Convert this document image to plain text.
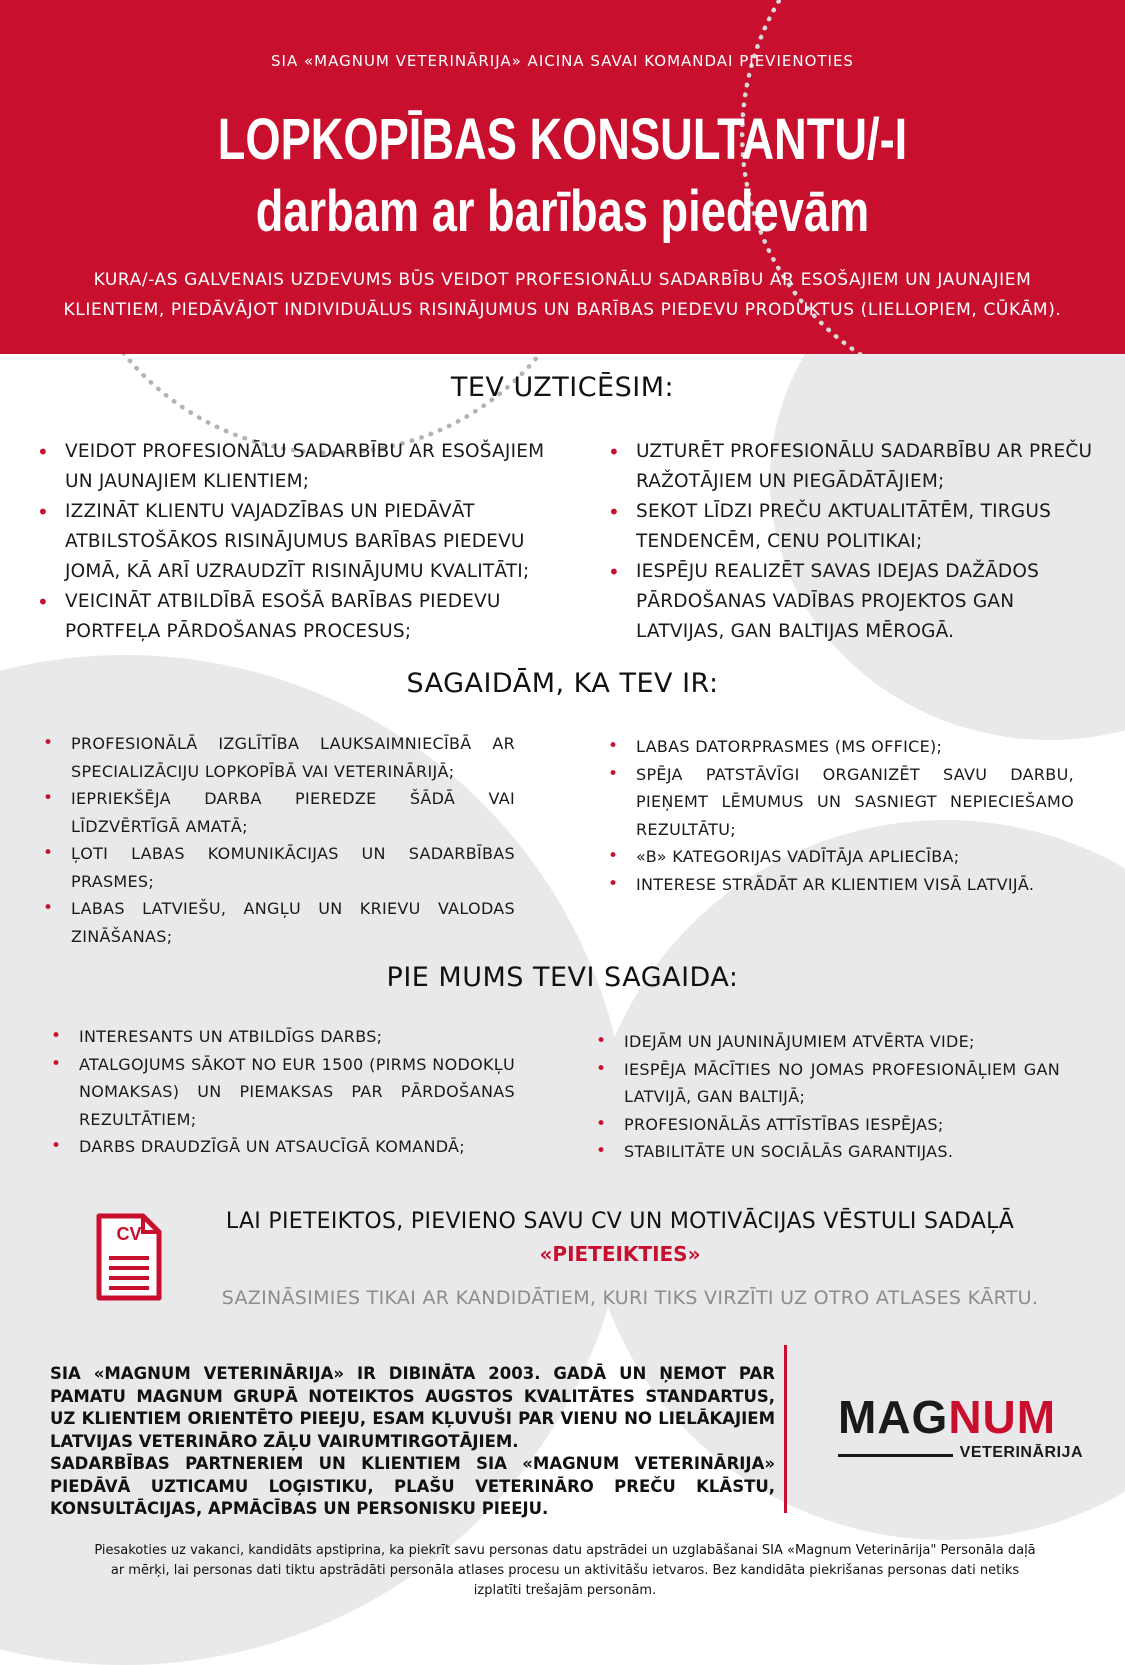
SIA «MAGNUM VETERINĀRIJA» AICINA SAVAI KOMANDAI PIEVIENOTIES
LOPKOPĪBAS KONSULTANTU/-I
darbam ar barības piedevām
KURA/-AS GALVENAIS UZDEVUMS BŪS VEIDOT PROFESIONĀLU SADARBĪBU AR ESOŠAJIEM UN JAUNAJIEM KLIENTIEM, PIEDĀVĀJOT INDIVIDUĀLUS RISINĀJUMUS UN BARĪBAS PIEDEVU PRODUKTUS (LIELLOPIEM, CŪKĀM).
TEV UZTICĒSIM:
• VEIDOT PROFESIONĀLU SADARBĪBU AR ESOŠAJIEM UN JAUNAJIEM KLIENTIEM;
• IZZINĀT KLIENTU VAJADZĪBAS UN PIEDĀVĀT ATBILSTOŠĀKOS RISINĀJUMUS BARĪBAS PIEDEVU JOMĀ, KĀ ARĪ UZRAUDZĪT RISINĀJUMU KVALITĀTI;
• VEICINĀT ATBILDĪBĀ ESOŠĀ BARĪBAS PIEDEVU PORTFEĻA PĀRDOŠANAS PROCESUS;
• UZTURĒT PROFESIONĀLU SADARBĪBU AR PREČU RAŽOTĀJIEM UN PIEGĀDĀTĀJIEM;
• SEKOT LĪDZI PREČU AKTUALITĀTĒM, TIRGUS TENDENCĒM, CENU POLITIKAI;
• IESPĒJU REALIZĒT SAVAS IDEJAS DAŽĀDOS PĀRDOŠANAS VADĪBAS PROJEKTOS GAN LATVIJAS, GAN BALTIJAS MĒROGĀ.
SAGAIDĀM, KA TEV IR:
• PROFESIONĀLĀ IZGLĪTĪBA LAUKSAIMNIECĪBĀ AR SPECIALIZĀCIJU LOPKOPĪBĀ VAI VETERINĀRIJĀ;
• IEPRIEKŠĒJA DARBA PIEREDZE ŠĀDĀ VAI LĪDZVĒRTĪGĀ AMATĀ;
• ĻOTI LABAS KOMUNIKĀCIJAS UN SADARBĪBAS PRASMES;
• LABAS LATVIEŠU, ANGĻU UN KRIEVU VALODAS ZINĀŠANAS;
• LABAS DATORPRASMES (MS OFFICE);
• SPĒJA PATSTĀVĪGI ORGANIZĒT SAVU DARBU, PIEŅEMT LĒMUMUS UN SASNIEGT NEPIECIEŠAMO REZULTĀTU;
• «B» KATEGORIJAS VADĪTĀJA APLIECĪBA;
• INTERESE STRĀDĀT AR KLIENTIEM VISĀ LATVIJĀ.
PIE MUMS TEVI SAGAIDA:
• INTERESANTS UN ATBILDĪGS DARBS;
• ATALGOJUMS SĀKOT NO EUR 1500 (PIRMS NODOKĻU NOMAKSAS) UN PIEMAKSAS PAR PĀRDOŠANAS REZULTĀTIEM;
• DARBS DRAUDZĪGĀ UN ATSAUCĪGĀ KOMANDĀ;
• IDEJĀM UN JAUNINĀJUMIEM ATVĒRTA VIDE;
• IESPĒJA MĀCĪTIES NO JOMAS PROFESIONĀĻIEM GAN LATVIJĀ, GAN BALTIJĀ;
• PROFESIONĀLĀS ATTĪSTĪBAS IESPĒJAS;
• STABILITĀTE UN SOCIĀLĀS GARANTIJAS.
CV	LAI PIETEIKTOS, PIEVIENO SAVU CV UN MOTIVĀCIJAS VĒSTULI SADAĻĀ
«PIETEIKTIES»
SAZINĀSIMIES TIKAI AR KANDIDĀTIEM, KURI TIKS VIRZĪTI UZ OTRO ATLASES KĀRTU.

SIA «MAGNUM VETERINĀRIJA» IR DIBINĀTA 2003. GADĀ UN ŅEMOT PAR PAMATU MAGNUM GRUPĀ NOTEIKTOS AUGSTOS KVALITĀTES STANDARTUS, UZ KLIENTIEM ORIENTĒTO PIEEJU, ESAM KĻUVUŠI PAR VIENU NO LIELĀKAJIEM LATVIJAS VETERINĀRO ZĀĻU VAIRUMTIRGOTĀJIEM.

SADARBĪBAS PARTNERIEM UN KLIENTIEM SIA «MAGNUM VETERINĀRIJA» PIEDĀVĀ UZTICAMU LOĢISTIKU, PLAŠU VETERINĀRO PREČU KLĀSTU, KONSULTĀCIJAS, APMĀCĪBAS UN PERSONISKU PIEEJU.

MAGNUM
VETERINĀRIJA
Piesakoties uz vakanci, kandidāts apstiprina, ka piekrīt savu personas datu apstrādei un uzglabāšanai SIA «Magnum Veterinārija" Personāla daļā ar mērķi, lai personas dati tiktu apstrādāti personāla atlases procesu un aktivitāšu ietvaros. Bez kandidāta piekrišanas personas dati netiks izplatīti trešajām personām.
